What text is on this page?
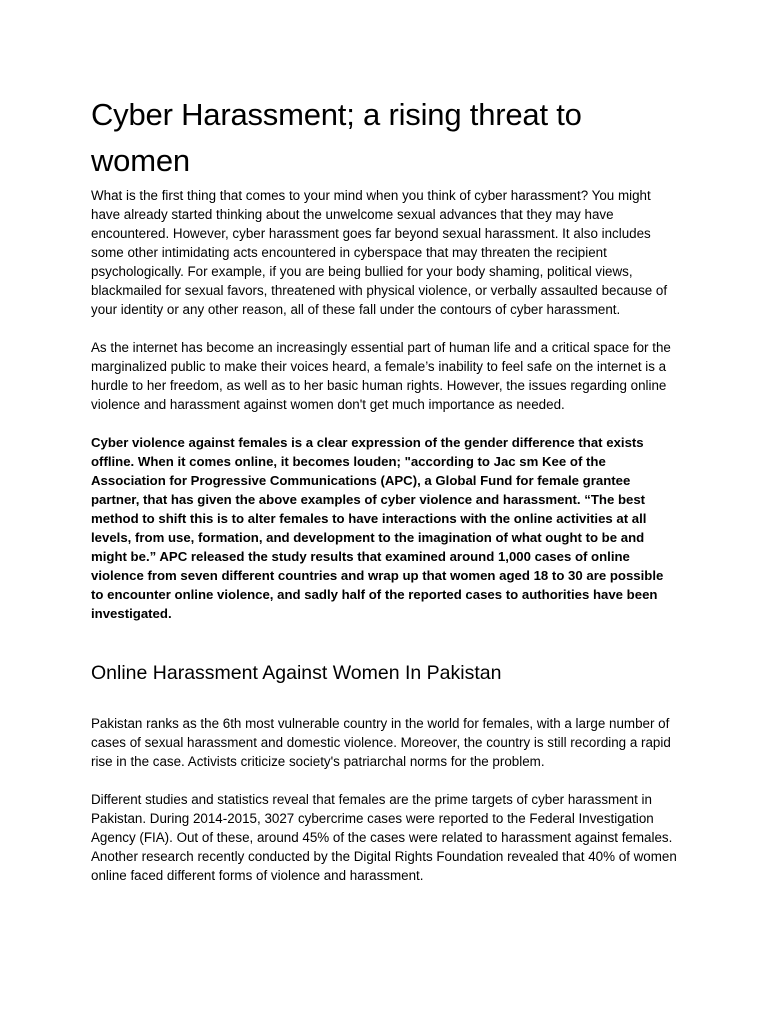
Cyber Harassment; a rising threat to women

What is the first thing that comes to your mind when you think of cyber harassment? You might have already started thinking about the unwelcome sexual advances that they may have encountered. However, cyber harassment goes far beyond sexual harassment. It also includes some other intimidating acts encountered in cyberspace that may threaten the recipient psychologically. For example, if you are being bullied for your body shaming, political views, blackmailed for sexual favors, threatened with physical violence, or verbally assaulted because of your identity or any other reason, all of these fall under the contours of cyber harassment.

As the internet has become an increasingly essential part of human life and a critical space for the marginalized public to make their voices heard, a female’s inability to feel safe on the internet is a hurdle to her freedom, as well as to her basic human rights. However, the issues regarding online violence and harassment against women don't get much importance as needed.

Cyber violence against females is a clear expression of the gender difference that exists offline. When it comes online, it becomes louden; "according to Jac sm Kee of the Association for Progressive Communications (APC), a Global Fund for female grantee partner, that has given the above examples of cyber violence and harassment. “The best method to shift this is to alter females to have interactions with the online activities at all levels, from use, formation, and development to the imagination of what ought to be and might be.” APC released the study results that examined around 1,000 cases of online violence from seven different countries and wrap up that women aged 18 to 30 are possible to encounter online violence, and sadly half of the reported cases to authorities have been investigated.

Online Harassment Against Women In Pakistan

Pakistan ranks as the 6th most vulnerable country in the world for females, with a large number of cases of sexual harassment and domestic violence. Moreover, the country is still recording a rapid rise in the case. Activists criticize society's patriarchal norms for the problem.

Different studies and statistics reveal that females are the prime targets of cyber harassment in Pakistan. During 2014-2015, 3027 cybercrime cases were reported to the Federal Investigation Agency (FIA). Out of these, around 45% of the cases were related to harassment against females. Another research recently conducted by the Digital Rights Foundation revealed that 40% of women online faced different forms of violence and harassment.
